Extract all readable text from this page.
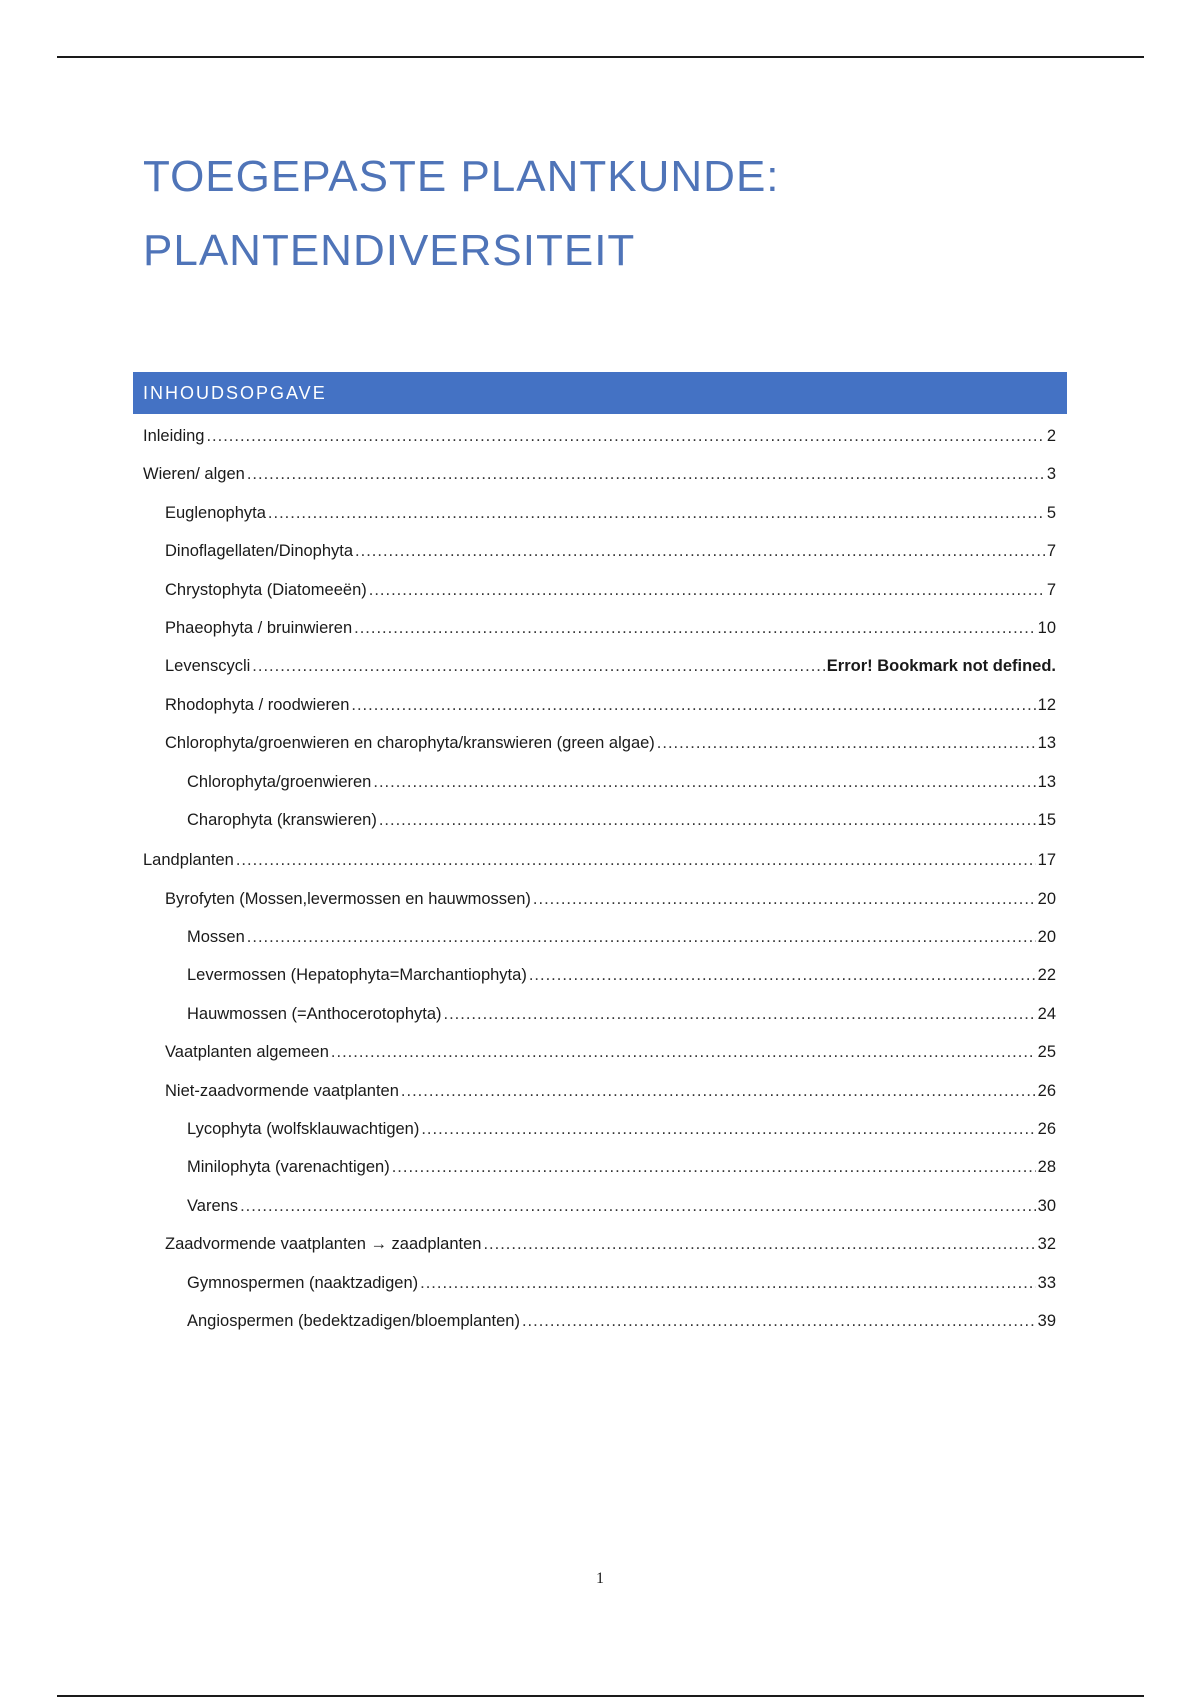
TOEGEPASTE PLANTKUNDE:
PLANTENDIVERSITEIT
INHOUDSOPGAVE
Inleiding .....	2
Wieren/ algen .....	3
Euglenophyta .....	5
Dinoflagellaten/Dinophyta .....	7
Chrystophyta (Diatomeeën) .....	7
Phaeophyta / bruinwieren .....	10
Levenscycli .....	Error! Bookmark not defined.
Rhodophyta / roodwieren .....	12
Chlorophyta/groenwieren en charophyta/kranswieren (green algae) .....	13
Chlorophyta/groenwieren .....	13
Charophyta (kranswieren) .....	15
Landplanten .....	17
Byrofyten (Mossen,levermossen en hauwmossen) .....	20
Mossen .....	20
Levermossen (Hepatophyta=Marchantiophyta) .....	22
Hauwmossen (=Anthocerotophyta) .....	24
Vaatplanten algemeen .....	25
Niet-zaadvormende vaatplanten .....	26
Lycophyta (wolfsklauwachtigen) .....	26
Minilophyta (varenachtigen) .....	28
Varens .....	30
Zaadvormende vaatplanten → zaadplanten .....	32
Gymnospermen (naaktzadigen) .....	33
Angiospermen (bedektzadigen/bloemplanten) .....	39
1
